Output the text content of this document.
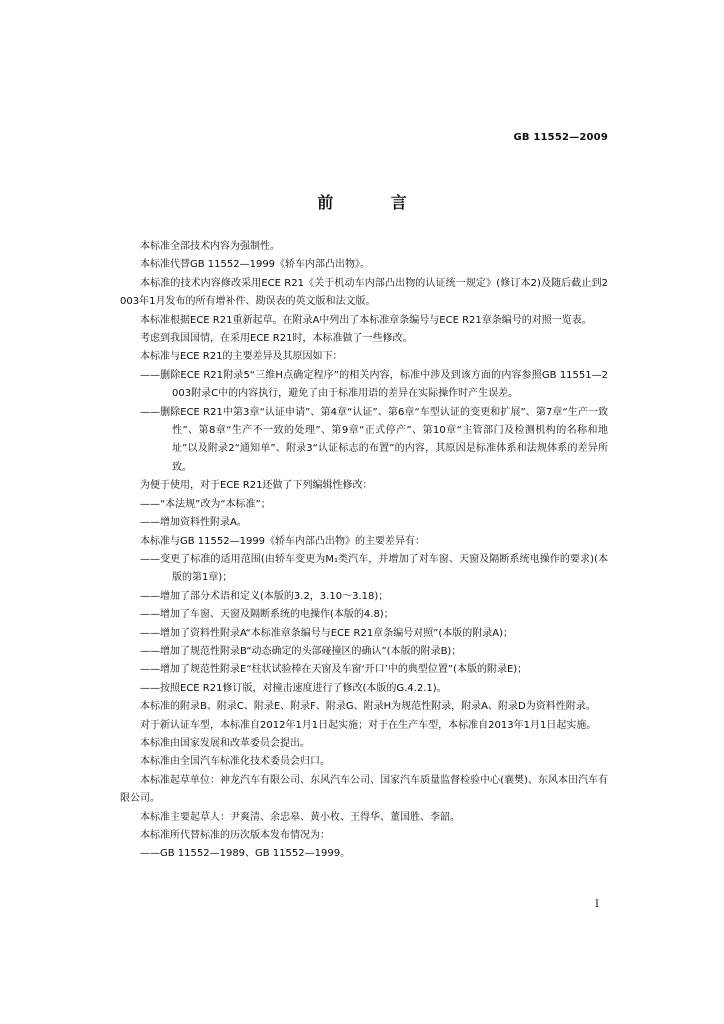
GB 11552—2009
前 言

本标准全部技术内容为强制性。

本标准代替GB 11552—1999《轿车内部凸出物》。

本标准的技术内容修改采用ECE R21《关于机动车内部凸出物的认证统一规定》(修订本2)及随后截止到2003年1月发布的所有增补件、勘误表的英文版和法文版。

本标准根据ECE R21重新起草。在附录A中列出了本标准章条编号与ECE R21章条编号的对照一览表。

考虑到我国国情，在采用ECE R21时，本标准做了一些修改。

本标准与ECE R21的主要差异及其原因如下：

——删除ECE R21附录5“三维H点确定程序”的相关内容，标准中涉及到该方面的内容参照GB 11551—2003附录C中的内容执行，避免了由于标准用语的差异在实际操作时产生误差。

——删除ECE R21中第3章“认证申请”、第4章“认证”、第6章“车型认证的变更和扩展”、第7章“生产一致性”、第8章“生产不一致的处理”、第9章“正式停产”、第10章“主管部门及检测机构的名称和地址”以及附录2“通知单”、附录3“认证标志的布置”的内容，其原因是标准体系和法规体系的差异所致。

为便于使用，对于ECE R21还做了下列编辑性修改：

——“本法规”改为“本标准”；

——增加资料性附录A。

本标准与GB 11552—1999《轿车内部凸出物》的主要差异有：

——变更了标准的适用范围(由轿车变更为M₁类汽车，并增加了对车窗、天窗及隔断系统电操作的要求)(本版的第1章)；

——增加了部分术语和定义(本版的3.2，3.10～3.18)；

——增加了车窗、天窗及隔断系统的电操作(本版的4.8)；

——增加了资料性附录A“本标准章条编号与ECE R21章条编号对照”(本版的附录A)；

——增加了规范性附录B“动态确定的头部碰撞区的确认”(本版的附录B)；

——增加了规范性附录E“柱状试验棒在天窗及车窗‘开口’中的典型位置”(本版的附录E)；

——按照ECE R21修订版，对撞击速度进行了修改(本版的G.4.2.1)。

本标准的附录B、附录C、附录E、附录F、附录G、附录H为规范性附录，附录A、附录D为资料性附录。

对于新认证车型，本标准自2012年1月1日起实施；对于在生产车型，本标准自2013年1月1日起实施。

本标准由国家发展和改革委员会提出。

本标准由全国汽车标准化技术委员会归口。

本标准起草单位：神龙汽车有限公司、东风汽车公司、国家汽车质量监督检验中心(襄樊)、东风本田汽车有限公司。

本标准主要起草人：尹爽清、余忠皋、黄小枚、王得华、董国胜、李韶。

本标准所代替标准的历次版本发布情况为：

——GB 11552—1989、GB 11552—1999。

I
